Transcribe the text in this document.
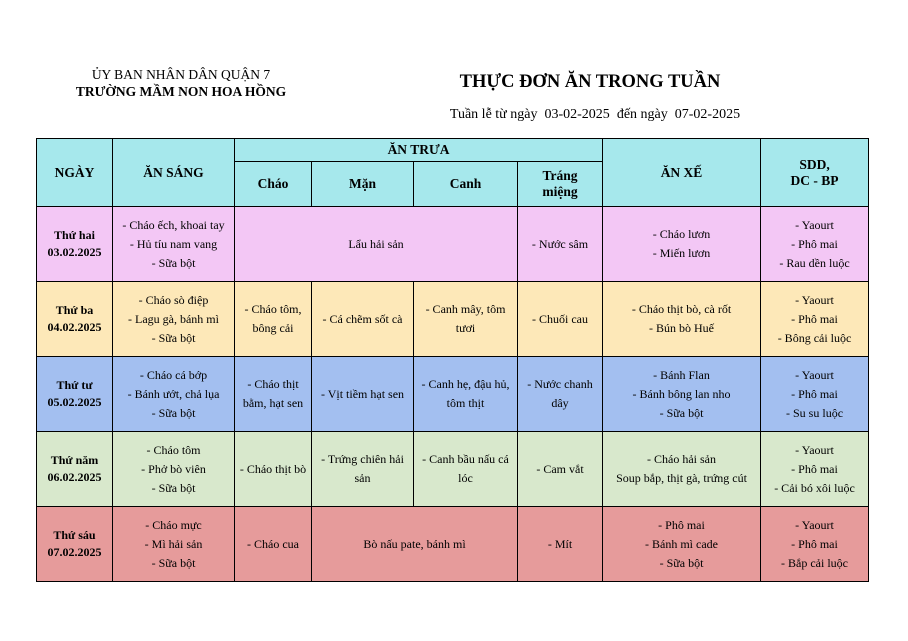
ỦY BAN NHÂN DÂN QUẬN 7
TRƯỜNG MẦM NON HOA HỒNG	THỰC ĐƠN ĂN TRONG TUẦN
Tuần lễ từ ngày 03-02-2025 đến ngày 07-02-2025
NGÀY	ĂN SÁNG	ĂN TRƯA				ĂN XẾ	SDD,
DC - BP

		Cháo	Mặn	Canh	Tráng
miệng		

Thứ hai
03.02.2025	- Cháo ếch, khoai tay
- Hủ tíu nam vang
- Sữa bột	Lẩu hải sản			- Nước sâm	- Cháo lươn
- Miến lươn	- Yaourt
- Phô mai
- Rau dền luộc

Thứ ba
04.02.2025	- Cháo sò điệp
- Lagu gà, bánh mì
- Sữa bột	- Cháo tôm, bông cải	- Cá chẽm sốt cà	- Canh mây, tôm tươi	- Chuối cau	- Cháo thịt bò, cà rốt
- Bún bò Huế	- Yaourt
- Phô mai
- Bông cải luộc

Thứ tư
05.02.2025	- Cháo cá bớp
- Bánh ướt, chả lụa
- Sữa bột	- Cháo thịt bằm, hạt sen	- Vịt tiềm hạt sen	- Canh hẹ, đậu hủ, tôm thịt	- Nước chanh dây	- Bánh Flan
- Bánh bông lan nho
- Sữa bột	- Yaourt
- Phô mai
- Su su luộc

Thứ năm
06.02.2025	- Cháo tôm
- Phở bò viên
- Sữa bột	- Cháo thịt bò	- Trứng chiên hải sản	- Canh bầu nấu cá lóc	- Cam vắt	- Cháo hải sản
Soup bắp, thịt gà, trứng cút	- Yaourt
- Phô mai
- Cải bó xôi luộc

Thứ sáu
07.02.2025	- Cháo mực
- Mì hải sản
- Sữa bột	- Cháo cua	Bò nấu pate, bánh mì		- Mít	- Phô mai
- Bánh mì cade
- Sữa bột	- Yaourt
- Phô mai
- Bắp cải luộc
